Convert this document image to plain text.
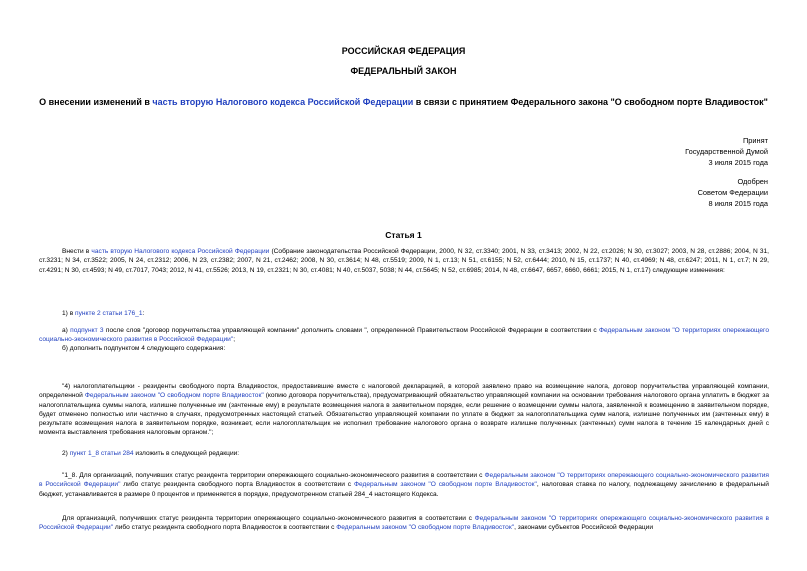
РОССИЙСКАЯ ФЕДЕРАЦИЯ
ФЕДЕРАЛЬНЫЙ ЗАКОН
О внесении изменений в часть вторую Налогового кодекса Российской Федерации в связи с принятием Федерального закона "О свободном порте Владивосток"
Принят
Государственной Думой
3 июля 2015 года
Одобрен
Советом Федерации
8 июля 2015 года
Статья 1
Внести в часть вторую Налогового кодекса Российской Федерации (Собрание законодательства Российской Федерации, 2000, N 32, ст.3340; 2001, N 33, ст.3413; 2002, N 22, ст.2026; N 30, ст.3027; 2003, N 28, ст.2886; 2004, N 31, ст.3231; N 34, ст.3522; 2005, N 24, ст.2312; 2006, N 23, ст.2382; 2007, N 21, ст.2462; 2008, N 30, ст.3614; N 48, ст.5519; 2009, N 1, ст.13; N 51, ст.6155; N 52, ст.6444; 2010, N 15, ст.1737; N 40, ст.4969; N 48, ст.6247; 2011, N 1, ст.7; N 29, ст.4291; N 30, ст.4593; N 49, ст.7017, 7043; 2012, N 41, ст.5526; 2013, N 19, ст.2321; N 30, ст.4081; N 40, ст.5037, 5038; N 44, ст.5645; N 52, ст.6985; 2014, N 48, ст.6647, 6657, 6660, 6661; 2015, N 1, ст.17) следующие изменения:
1) в пункте 2 статьи 176_1:
а) подпункт 3 после слов "договор поручительства управляющей компании" дополнить словами ", определенной Правительством Российской Федерации в соответствии с Федеральным законом "О территориях опережающего социально-экономического развития в Российской Федерации";
б) дополнить подпунктом 4 следующего содержания:
"4) налогоплательщики - резиденты свободного порта Владивосток, предоставившие вместе с налоговой декларацией, в которой заявлено право на возмещение налога, договор поручительства управляющей компании, определенной Федеральным законом "О свободном порте Владивосток" (копию договора поручительства), предусматривающий обязательство управляющей компании на основании требования налогового органа уплатить в бюджет за налогоплательщика суммы налога, излишне полученные им (зачтенные ему) в результате возмещения налога в заявительном порядке, если решение о возмещении суммы налога, заявленной к возмещению в заявительном порядке, будет отменено полностью или частично в случаях, предусмотренных настоящей статьей. Обязательство управляющей компании по уплате в бюджет за налогоплательщика сумм налога, излишне полученных им (зачтенных ему) в результате возмещения налога в заявительном порядке, возникает, если налогоплательщик не исполнил требование налогового органа о возврате излишне полученных (зачтенных) сумм налога в течение 15 календарных дней с момента выставления требования налоговым органом.";
2) пункт 1_8 статьи 284 изложить в следующей редакции:
"1_8. Для организаций, получивших статус резидента территории опережающего социально-экономического развития в соответствии с Федеральным законом "О территориях опережающего социально-экономического развития в Российской Федерации" либо статус резидента свободного порта Владивосток в соответствии с Федеральным законом "О свободном порте Владивосток", налоговая ставка по налогу, подлежащему зачислению в федеральный бюджет, устанавливается в размере 0 процентов и применяется в порядке, предусмотренном статьей 284_4 настоящего Кодекса.
Для организаций, получивших статус резидента территории опережающего социально-экономического развития в соответствии с Федеральным законом "О территориях опережающего социально-экономического развития в Российской Федерации" либо статус резидента свободного порта Владивосток в соответствии с Федеральным законом "О свободном порте Владивосток", законами субъектов Российской Федерации
